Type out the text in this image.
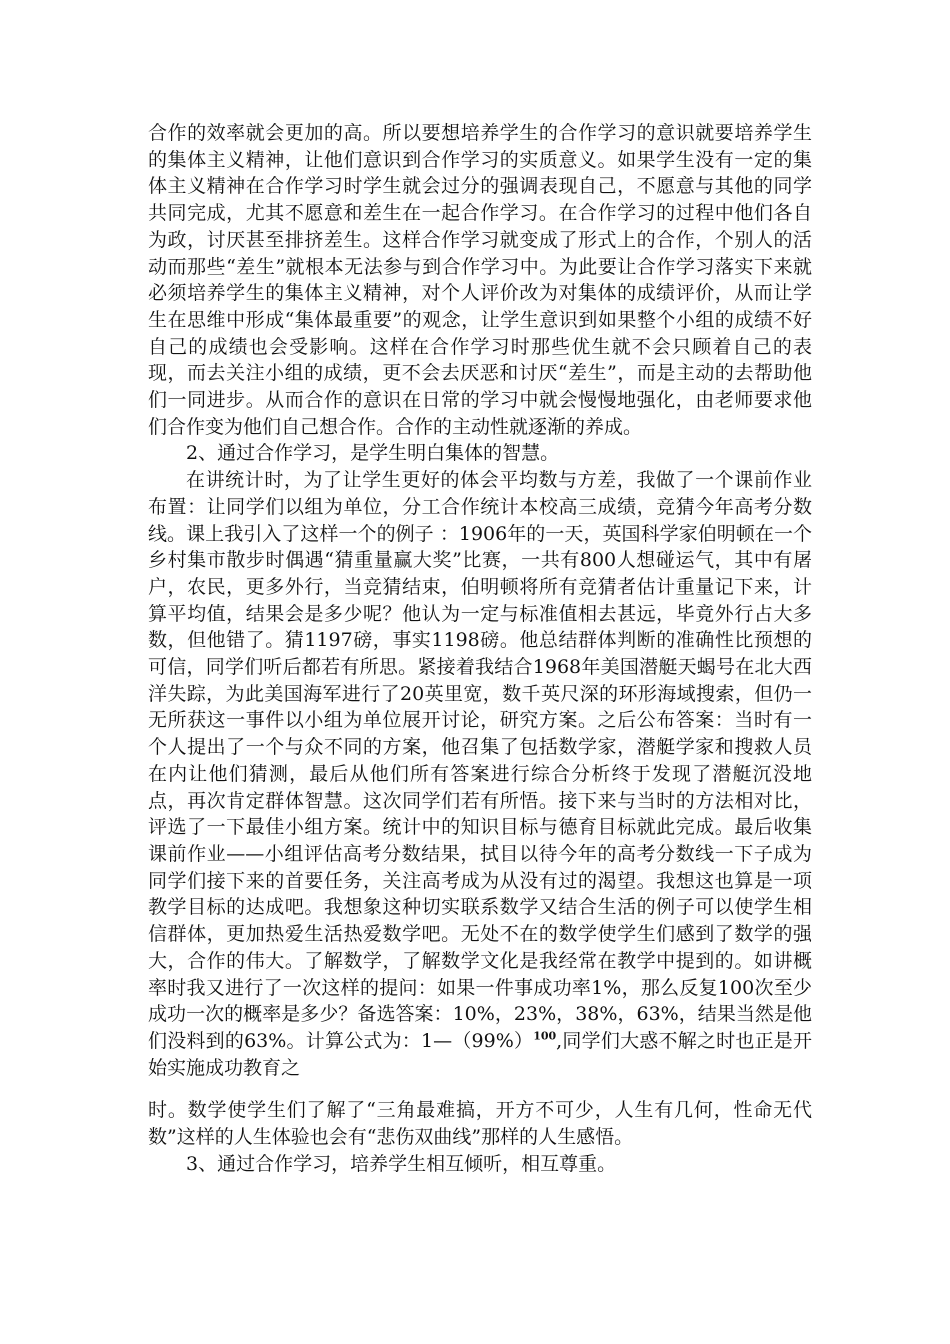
合作的效率就会更加的高。所以要想培养学生的合作学习的意识就要培养学生的集体主义精神，让他们意识到合作学习的实质意义。如果学生没有一定的集体主义精神在合作学习时学生就会过分的强调表现自己，不愿意与其他的同学共同完成，尤其不愿意和差生在一起合作学习。在合作学习的过程中他们各自为政，讨厌甚至排挤差生。这样合作学习就变成了形式上的合作，个别人的活动而那些“差生”就根本无法参与到合作学习中。为此要让合作学习落实下来就必须培养学生的集体主义精神，对个人评价改为对集体的成绩评价，从而让学生在思维中形成“集体最重要”的观念，让学生意识到如果整个小组的成绩不好自己的成绩也会受影响。这样在合作学习时那些优生就不会只顾着自己的表现，而去关注小组的成绩，更不会去厌恶和讨厌“差生”，而是主动的去帮助他们一同进步。从而合作的意识在日常的学习中就会慢慢地强化，由老师要求他们合作变为他们自己想合作。合作的主动性就逐渐的养成。

2、通过合作学习，是学生明白集体的智慧。

在讲统计时，为了让学生更好的体会平均数与方差，我做了一个课前作业布置：让同学们以组为单位，分工合作统计本校高三成绩，竞猜今年高考分数线。课上我引入了这样一个的例子 ：1906年的一天，英国科学家伯明顿在一个乡村集市散步时偶遇“猜重量赢大奖”比赛，一共有800人想碰运气，其中有屠户，农民，更多外行，当竞猜结束，伯明顿将所有竞猜者估计重量记下来，计算平均值，结果会是多少呢？他认为一定与标准值相去甚远，毕竟外行占大多数，但他错了。猜1197磅，事实1198磅。他总结群体判断的准确性比预想的可信，同学们听后都若有所思。紧接着我结合1968年美国潜艇天蝎号在北大西洋失踪，为此美国海军进行了20英里宽，数千英尺深的环形海域搜索，但仍一无所获这一事件以小组为单位展开讨论，研究方案。之后公布答案：当时有一个人提出了一个与众不同的方案，他召集了包括数学家，潜艇学家和搜救人员在内让他们猜测，最后从他们所有答案进行综合分析终于发现了潜艇沉没地点，再次肯定群体智慧。这次同学们若有所悟。接下来与当时的方法相对比，评选了一下最佳小组方案。统计中的知识目标与德育目标就此完成。最后收集课前作业——小组评估高考分数结果，拭目以待今年的高考分数线一下子成为同学们接下来的首要任务，关注高考成为从没有过的渴望。我想这也算是一项教学目标的达成吧。我想象这种切实联系数学又结合生活的例子可以使学生相信群体，更加热爱生活热爱数学吧。无处不在的数学使学生们感到了数学的强大，合作的伟大。了解数学，了解数学文化是我经常在教学中提到的。如讲概率时我又进行了一次这样的提问：如果一件事成功率1%，那么反复100次至少成功一次的概率是多少？备选答案：10%，23%，38%，63%，结果当然是他们没料到的63%。计算公式为：$1—(99\%)^{100}$,同学们大惑不解之时也正是开始实施成功教育之

时。数学使学生们了解了“三角最难搞，开方不可少，人生有几何，性命无代数”这样的人生体验也会有“悲伤双曲线”那样的人生感悟。

3、通过合作学习，培养学生相互倾听，相互尊重。
